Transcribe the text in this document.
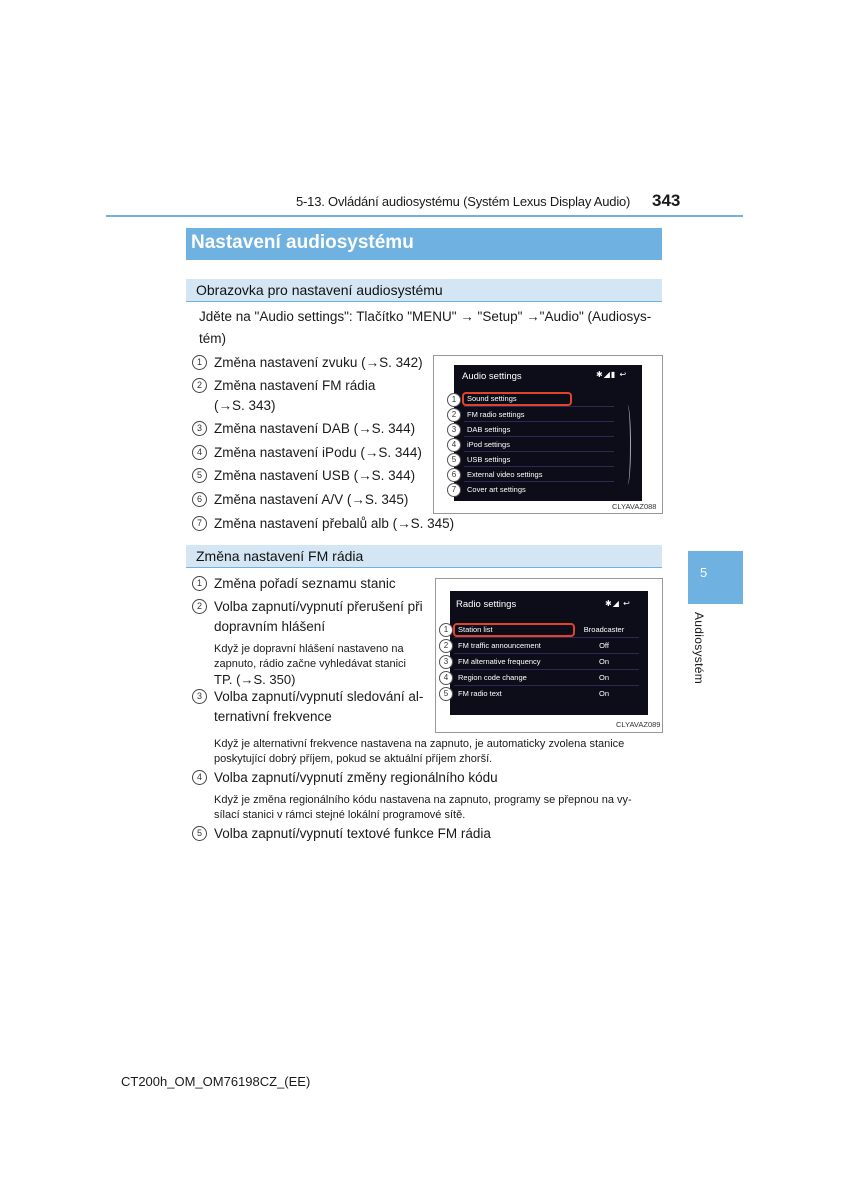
5-13. Ovládání audiosystému (Systém Lexus Display Audio) 343
Nastavení audiosystému
Obrazovka pro nastavení audiosystému
Jděte na "Audio settings": Tlačítko "MENU" → "Setup" →"Audio" (Audiosys-
tém)
1 Změna nastavení zvuku (→S. 342)
2 Změna nastavení FM rádia
(→S. 343)
3 Změna nastavení DAB (→S. 344)
4 Změna nastavení iPodu (→S. 344)
5 Změna nastavení USB (→S. 344)
6 Změna nastavení A/V (→S. 345)
7 Změna nastavení přebalů alb (→S. 345)
Audio settings	✱◢▮ ↩
Sound settings
FM radio settings
DAB settings
iPod settings
USB settings
External video settings
Cover art settings
1
2
3
4
5
6
7
CLYAVAZ088
Změna nastavení FM rádia
1 Změna pořadí seznamu stanic
2 Volba zapnutí/vypnutí přerušení při
dopravním hlášení
Když je dopravní hlášení nastaveno na
zapnuto, rádio začne vyhledávat stanici
TP. (→S. 350)
3 Volba zapnutí/vypnutí sledování al-
ternativní frekvence
Radio settings	✱◢ ↩
Station list	Broadcaster
FM traffic announcement	Off
FM alternative frequency	On
Region code change	On
FM radio text	On
1
2
3
4
5
CLYAVAZ089
Když je alternativní frekvence nastavena na zapnuto, je automaticky zvolena stanice
poskytující dobrý příjem, pokud se aktuální příjem zhorší.
4 Volba zapnutí/vypnutí změny regionálního kódu
Když je změna regionálního kódu nastavena na zapnuto, programy se přepnou na vy-
sílací stanici v rámci stejné lokální programové sítě.
5 Volba zapnutí/vypnutí textové funkce FM rádia
5
Audiosystém
CT200h_OM_OM76198CZ_(EE)
